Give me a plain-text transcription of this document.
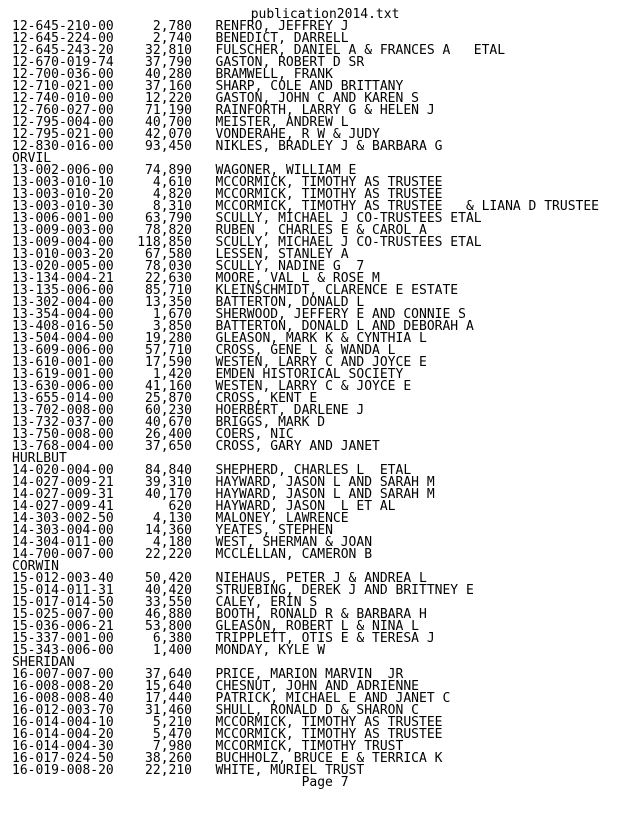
publication2014.txt
12-645-210-00     2,780   RENFRO, JEFFREY J
12-645-224-00     2,740   BENEDICT, DARRELL
12-645-243-20    32,810   FULSCHER, DANIEL A & FRANCES A   ETAL
12-670-019-74    37,790   GASTON, ROBERT D SR
12-700-036-00    40,280   BRAMWELL, FRANK
12-710-021-00    37,160   SHARP, COLE AND BRITTANY
12-740-010-00    12,220   GASTON, JOHN C AND KAREN S
12-760-027-00    71,190   RAINFORTH, LARRY G & HELEN J
12-795-004-00    40,700   MEISTER, ANDREW L
12-795-021-00    42,070   VONDERAHE, R W & JUDY
12-830-016-00    93,450   NIKLES, BRADLEY J & BARBARA G
ORVIL
13-002-006-00    74,890   WAGONER, WILLIAM E
13-003-010-10     4,610   MCCORMICK, TIMOTHY AS TRUSTEE
13-003-010-20     4,820   MCCORMICK, TIMOTHY AS TRUSTEE
13-003-010-30     8,310   MCCORMICK, TIMOTHY AS TRUSTEE   & LIANA D TRUSTEE
13-006-001-00    63,790   SCULLY, MICHAEL J CO-TRUSTEES ETAL
13-009-003-00    78,820   RUBEN , CHARLES E & CAROL A
13-009-004-00   118,850   SCULLY, MICHAEL J CO-TRUSTEES ETAL
13-010-003-20    67,580   LESSEN, STANLEY A
13-020-005-00    78,030   SCULLY, NADINE G  7
13-134-004-21    22,630   MOORE, VAL L & ROSE M
13-135-006-00    85,710   KLEINSCHMIDT, CLARENCE E ESTATE
13-302-004-00    13,350   BATTERTON, DONALD L
13-354-004-00     1,670   SHERWOOD, JEFFERY E AND CONNIE S
13-408-016-50     3,850   BATTERTON, DONALD L AND DEBORAH A
13-504-004-00    19,280   GLEASON, MARK K & CYNTHIA L
13-609-006-00    57,710   CROSS, GENE L & WANDA L
13-610-001-00    17,590   WESTEN, LARRY C AND JOYCE E
13-619-001-00     1,420   EMDEN HISTORICAL SOCIETY
13-630-006-00    41,160   WESTEN, LARRY C & JOYCE E
13-655-014-00    25,870   CROSS, KENT E
13-702-008-00    60,230   HOERBERT, DARLENE J
13-732-037-00    40,670   BRIGGS, MARK D
13-750-008-00    26,400   COERS, NIC
13-768-004-00    37,650   CROSS, GARY AND JANET
HURLBUT
14-020-004-00    84,840   SHEPHERD, CHARLES L  ETAL
14-027-009-21    39,310   HAYWARD, JASON L AND SARAH M
14-027-009-31    40,170   HAYWARD, JASON L AND SARAH M
14-027-009-41       620   HAYWARD, JASON  L ET AL
14-303-002-50     4,130   MALONEY, LAWRENCE
14-303-004-00    14,360   YEATES, STEPHEN
14-304-011-00     4,180   WEST, SHERMAN & JOAN
14-700-007-00    22,220   MCCLELLAN, CAMERON B
CORWIN
15-012-003-40    50,420   NIEHAUS, PETER J & ANDREA L
15-014-011-31    40,420   STRUEBING, DEREK J AND BRITTNEY E
15-017-014-50    33,550   CALEY, ERIN S
15-025-007-00    46,880   BOOTH, RONALD R & BARBARA H
15-036-006-21    53,800   GLEASON, ROBERT L & NINA L
15-337-001-00     6,380   TRIPPLETT, OTIS E & TERESA J
15-343-006-00     1,400   MONDAY, KYLE W
SHERIDAN
16-007-007-00    37,640   PRICE, MARION MARVIN  JR
16-008-008-20    15,640   CHESNUT, JOHN AND ADRIENNE
16-008-008-40    17,440   PATRICK, MICHAEL E AND JANET C
16-012-003-70    31,460   SHULL, RONALD D & SHARON C
16-014-004-10     5,210   MCCORMICK, TIMOTHY AS TRUSTEE
16-014-004-20     5,470   MCCORMICK, TIMOTHY AS TRUSTEE
16-014-004-30     7,980   MCCORMICK, TIMOTHY TRUST
16-017-024-50    38,260   BUCHHOLZ, BRUCE E & TERRICA K
16-019-008-20    22,210   WHITE, MURIEL TRUST
Page 7
